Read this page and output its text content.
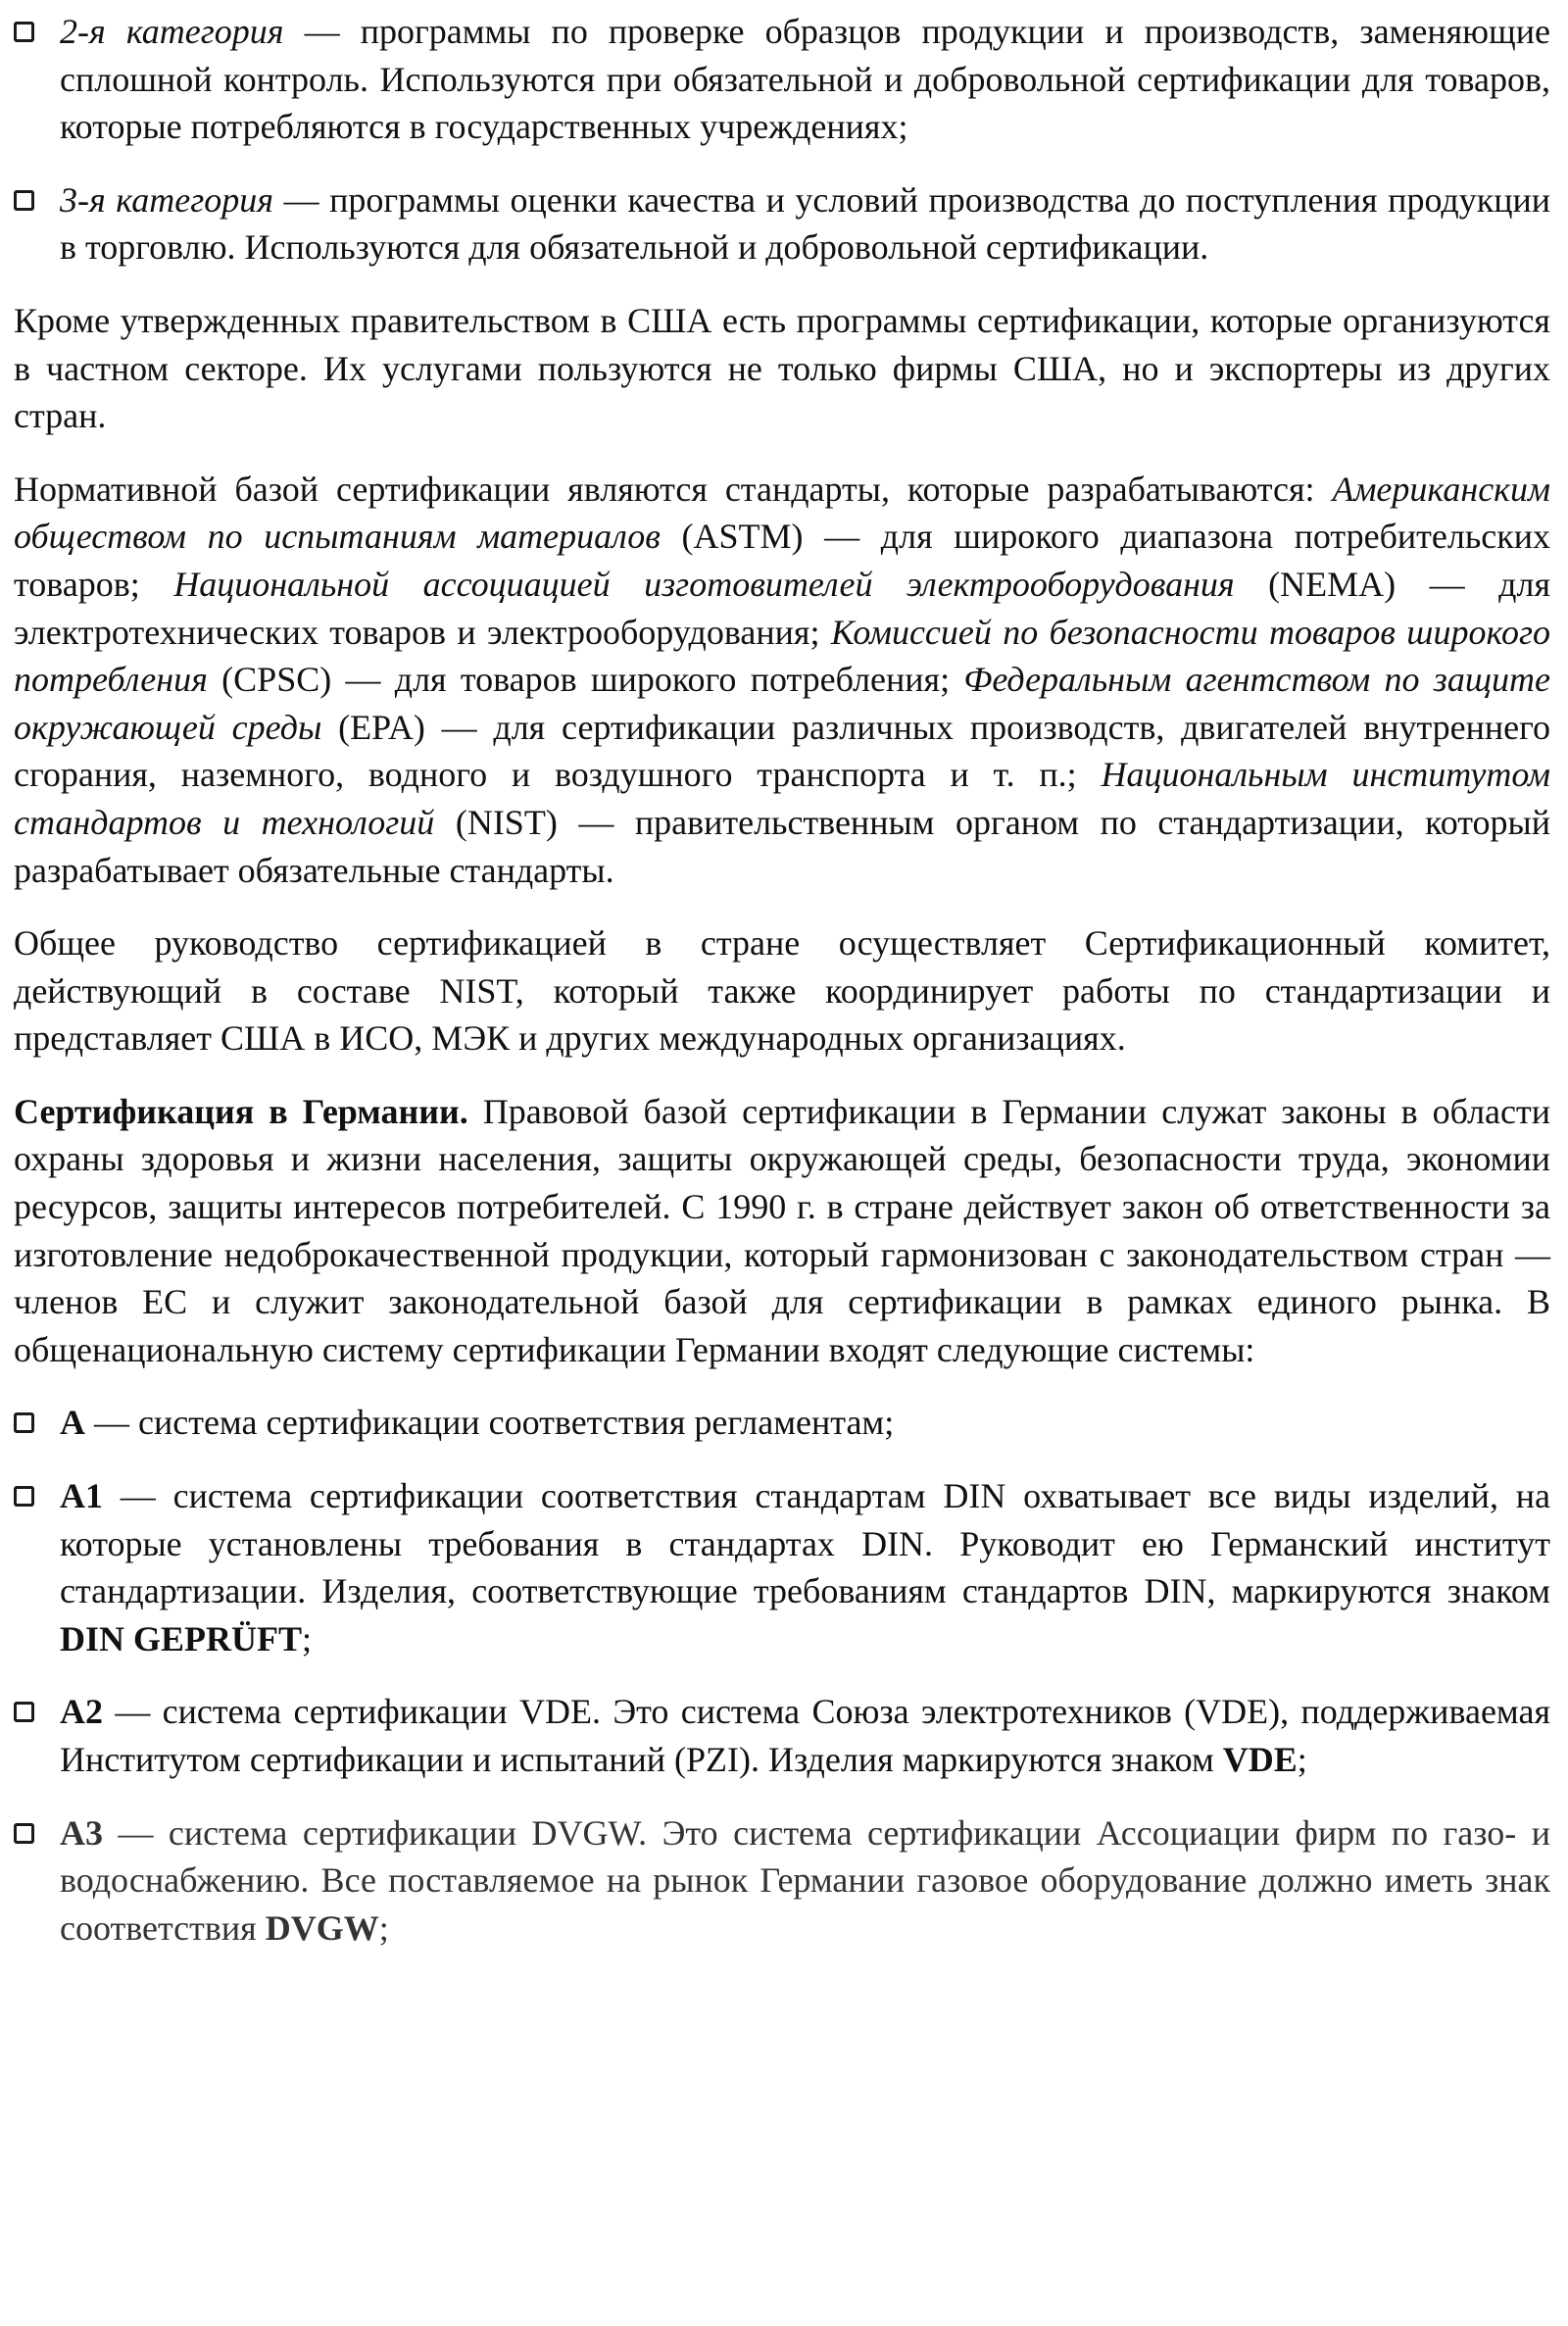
2-я категория — программы по проверке образцов продукции и производств, заменяющие сплошной контроль. Используются при обязательной и добровольной сертификации для товаров, которые потребляются в государственных учреждениях;
3-я категория — программы оценки качества и условий производства до поступления продукции в торговлю. Используются для обязательной и добровольной сертификации.

Кроме утвержденных правительством в США есть программы сертификации, которые организуются в частном секторе. Их услугами пользуются не только фирмы США, но и экспортеры из других стран.

Нормативной базой сертификации являются стандарты, которые разрабатываются: Американским обществом по испытаниям материалов (ASTM) — для широкого диапазона потребительских товаров; Национальной ассоциацией изготовителей электрооборудования (NEMA) — для электротехнических товаров и электрооборудования; Комиссией по безопасности товаров широкого потребления (CPSC) — для товаров широкого потребления; Федеральным агентством по защите окружающей среды (EPA) — для сертификации различных производств, двигателей внутреннего сгорания, наземного, водного и воздушного транспорта и т. п.; Национальным институтом стандартов и технологий (NIST) — правительственным органом по стандартизации, который разрабатывает обязательные стандарты.

Общее руководство сертификацией в стране осуществляет Сертификационный комитет, действующий в составе NIST, который также координирует работы по стандартизации и представляет США в ИСО, МЭК и других международных организациях.

Сертификация в Германии. Правовой базой сертификации в Германии служат законы в области охраны здоровья и жизни населения, защиты окружающей среды, безопасности труда, экономии ресурсов, защиты интересов потребителей. С 1990 г. в стране действует закон об ответственности за изготовление недоброкачественной продукции, который гармонизован с законодательством стран — членов ЕС и служит законодательной базой для сертификации в рамках единого рынка. В общенациональную систему сертификации Германии входят следующие системы:

А — система сертификации соответствия регламентам;
А1 — система сертификации соответствия стандартам DIN охватывает все виды изделий, на которые установлены требования в стандартах DIN. Руководит ею Германский институт стандартизации. Изделия, соответствующие требованиям стандартов DIN, маркируются знаком DIN GEPRÜFT;
А2 — система сертификации VDE. Это система Союза электротехников (VDE), поддерживаемая Институтом сертификации и испытаний (PZI). Изделия маркируются знаком VDE;
А3 — система сертификации DVGW. Это система сертификации Ассоциации фирм по газо- и водоснабжению. Все поставляемое на рынок Германии газовое оборудование должно иметь знак соответствия DVGW;
